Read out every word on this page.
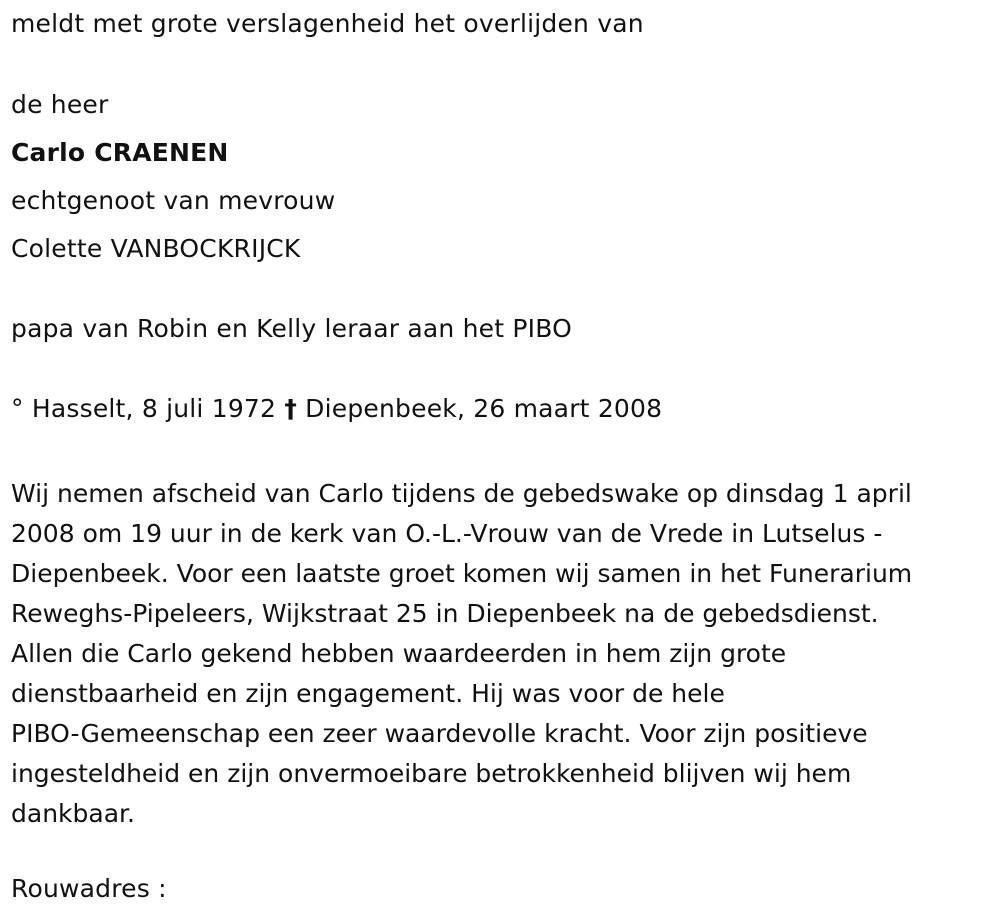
meldt met grote verslagenheid het overlijden van
de heer
Carlo CRAENEN
echtgenoot van mevrouw
Colette VANBOCKRIJCK
papa van Robin en Kelly leraar aan het PIBO
° Hasselt, 8 juli 1972 † Diepenbeek, 26 maart 2008
Wij nemen afscheid van Carlo tijdens de gebedswake op dinsdag 1 april
2008 om 19 uur in de kerk van O.-L.-Vrouw van de Vrede in Lutselus -
Diepenbeek. Voor een laatste groet komen wij samen in het Funerarium
Reweghs-Pipeleers, Wijkstraat 25 in Diepenbeek na de gebedsdienst.
Allen die Carlo gekend hebben waardeerden in hem zijn grote
dienstbaarheid en zijn engagement. Hij was voor de hele
PIBO-Gemeenschap een zeer waardevolle kracht. Voor zijn positieve
ingesteldheid en zijn onvermoeibare betrokkenheid blijven wij hem
dankbaar.
Rouwadres :
